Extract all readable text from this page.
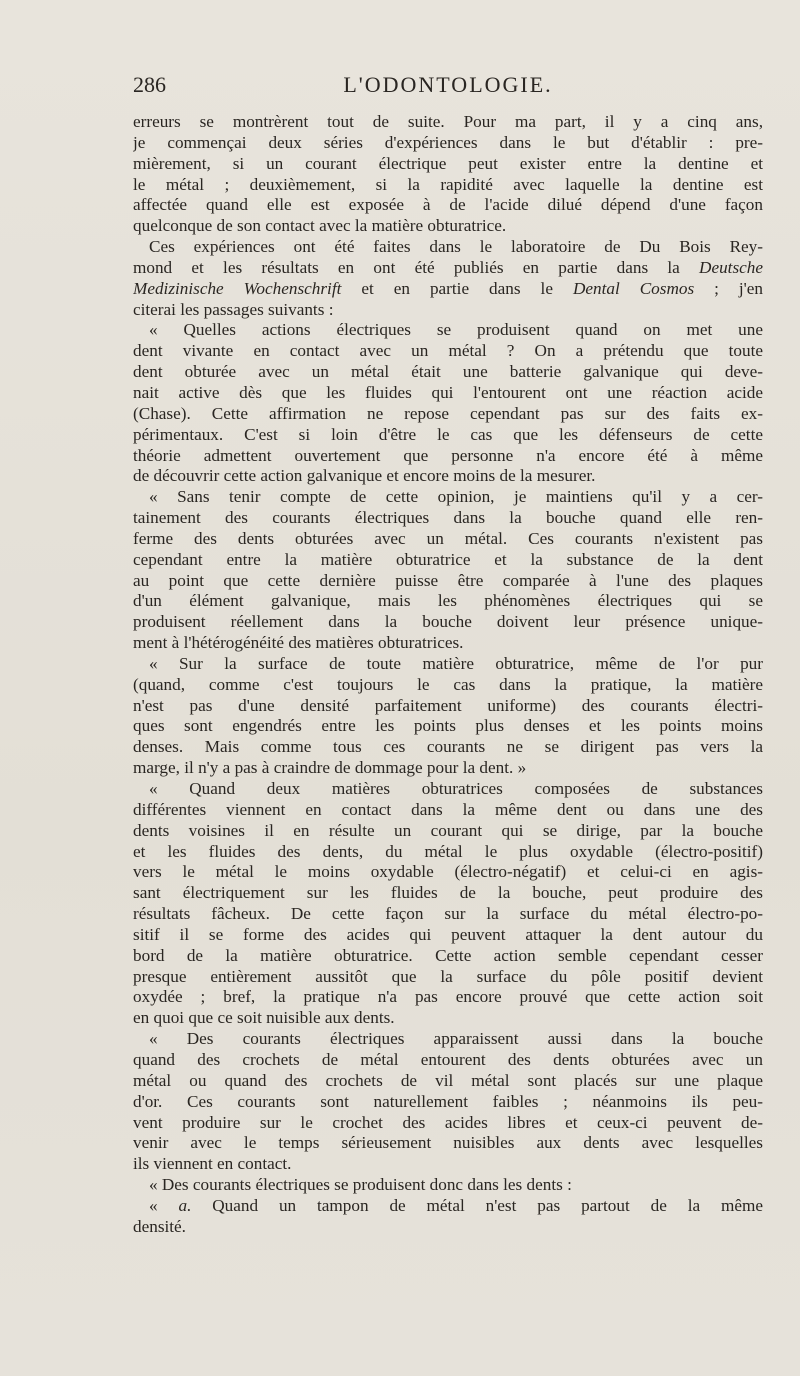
286	L'ODONTOLOGIE.
erreurs se montrèrent tout de suite. Pour ma part, il y a cinq ans,
je commençai deux séries d'expériences dans le but d'établir : pre-
mièrement, si un courant électrique peut exister entre la dentine et
le métal ; deuxièmement, si la rapidité avec laquelle la dentine est
affectée quand elle est exposée à de l'acide dilué dépend d'une façon
quelconque de son contact avec la matière obturatrice.
Ces expériences ont été faites dans le laboratoire de Du Bois Rey-
mond et les résultats en ont été publiés en partie dans la Deutsche
Medizinische Wochenschrift et en partie dans le Dental Cosmos ; j'en
citerai les passages suivants :
« Quelles actions électriques se produisent quand on met une
dent vivante en contact avec un métal ? On a prétendu que toute
dent obturée avec un métal était une batterie galvanique qui deve-
nait active dès que les fluides qui l'entourent ont une réaction acide
(Chase). Cette affirmation ne repose cependant pas sur des faits ex-
périmentaux. C'est si loin d'être le cas que les défenseurs de cette
théorie admettent ouvertement que personne n'a encore été à même
de découvrir cette action galvanique et encore moins de la mesurer.
« Sans tenir compte de cette opinion, je maintiens qu'il y a cer-
tainement des courants électriques dans la bouche quand elle ren-
ferme des dents obturées avec un métal. Ces courants n'existent pas
cependant entre la matière obturatrice et la substance de la dent
au point que cette dernière puisse être comparée à l'une des plaques
d'un élément galvanique, mais les phénomènes électriques qui se
produisent réellement dans la bouche doivent leur présence unique-
ment à l'hétérogénéité des matières obturatrices.
« Sur la surface de toute matière obturatrice, même de l'or pur
(quand, comme c'est toujours le cas dans la pratique, la matière
n'est pas d'une densité parfaitement uniforme) des courants électri-
ques sont engendrés entre les points plus denses et les points moins
denses. Mais comme tous ces courants ne se dirigent pas vers la
marge, il n'y a pas à craindre de dommage pour la dent. »
« Quand deux matières obturatrices composées de substances
différentes viennent en contact dans la même dent ou dans une des
dents voisines il en résulte un courant qui se dirige, par la bouche
et les fluides des dents, du métal le plus oxydable (électro-positif)
vers le métal le moins oxydable (électro-négatif) et celui-ci en agis-
sant électriquement sur les fluides de la bouche, peut produire des
résultats fâcheux. De cette façon sur la surface du métal électro-po-
sitif il se forme des acides qui peuvent attaquer la dent autour du
bord de la matière obturatrice. Cette action semble cependant cesser
presque entièrement aussitôt que la surface du pôle positif devient
oxydée ; bref, la pratique n'a pas encore prouvé que cette action soit
en quoi que ce soit nuisible aux dents.
« Des courants électriques apparaissent aussi dans la bouche
quand des crochets de métal entourent des dents obturées avec un
métal ou quand des crochets de vil métal sont placés sur une plaque
d'or. Ces courants sont naturellement faibles ; néanmoins ils peu-
vent produire sur le crochet des acides libres et ceux-ci peuvent de-
venir avec le temps sérieusement nuisibles aux dents avec lesquelles
ils viennent en contact.
« Des courants électriques se produisent donc dans les dents :
« a. Quand un tampon de métal n'est pas partout de la même
densité.
